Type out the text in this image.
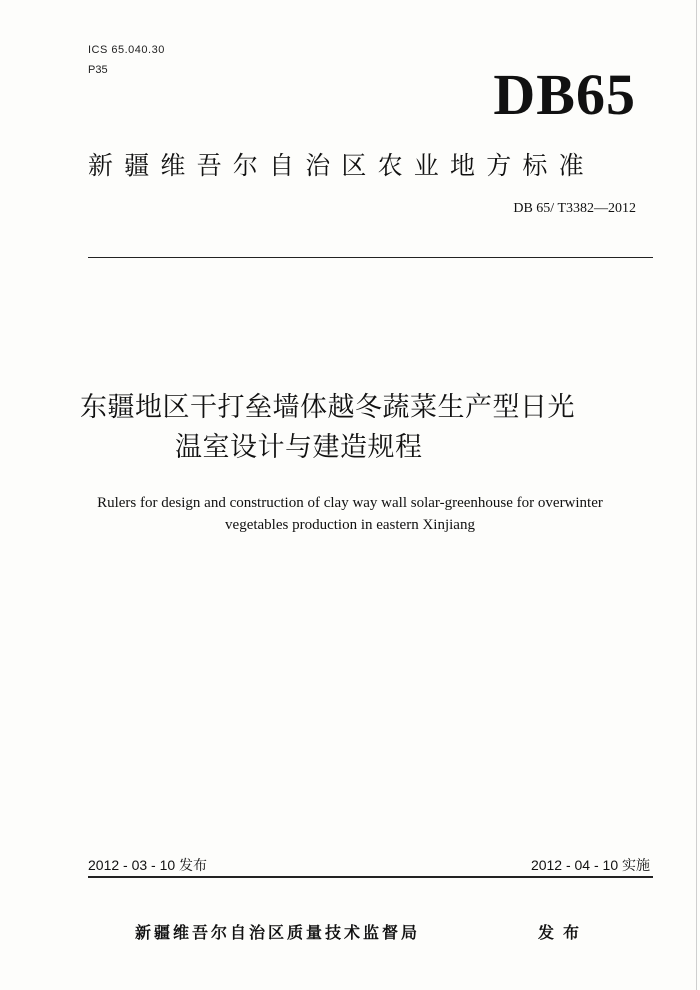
ICS 65.040.30
P35	DB65
新疆维吾尔自治区农业地方标准
DB 65/ T3382—2012
东疆地区干打垒墙体越冬蔬菜生产型日光
温室设计与建造规程
Rulers for design and construction of clay way wall solar-greenhouse for overwinter
vegetables production in eastern Xinjiang
2012 - 03 - 10 发布	2012 - 04 - 10 实施
新疆维吾尔自治区质量技术监督局	发布
